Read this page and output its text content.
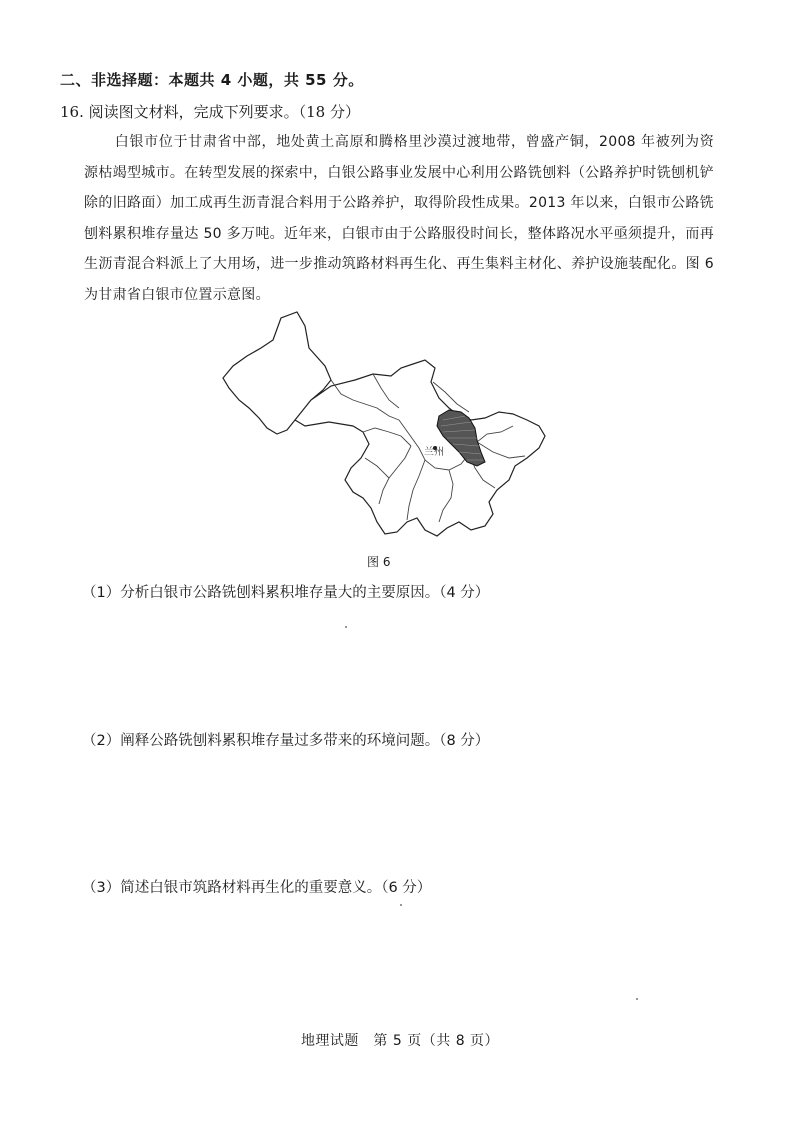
二、非选择题：本题共 4 小题，共 55 分。
16. 阅读图文材料，完成下列要求。（18 分）
白银市位于甘肃省中部，地处黄土高原和腾格里沙漠过渡地带，曾盛产铜，2008 年被列为资源枯竭型城市。在转型发展的探索中，白银公路事业发展中心利用公路铣刨料（公路养护时铣刨机铲除的旧路面）加工成再生沥青混合料用于公路养护，取得阶段性成果。2013 年以来，白银市公路铣刨料累积堆存量达 50 多万吨。近年来，白银市由于公路服役时间长，整体路况水平亟须提升，而再生沥青混合料派上了大用场，进一步推动筑路材料再生化、再生集料主材化、养护设施装配化。图 6 为甘肃省白银市位置示意图。
兰州
图 6
（1）分析白银市公路铣刨料累积堆存量大的主要原因。（4 分）
（2）阐释公路铣刨料累积堆存量过多带来的环境问题。（8 分）
（3）简述白银市筑路材料再生化的重要意义。（6 分）
地理试题　第 5 页（共 8 页）
